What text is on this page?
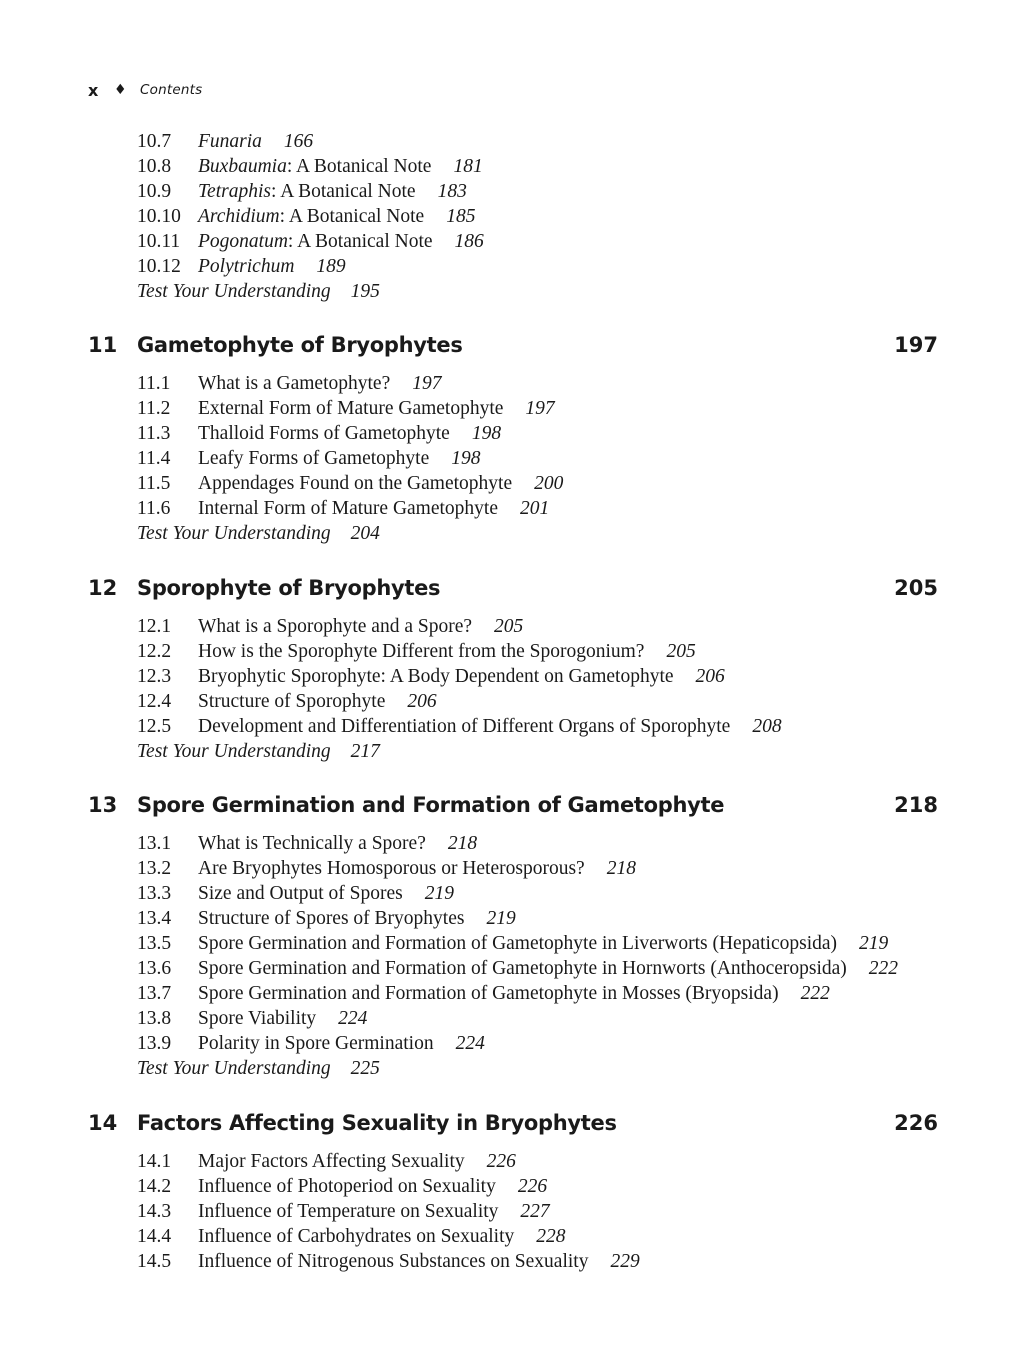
x	♦ Contents
10.7 Funaria 166
10.8 Buxbaumia: A Botanical Note 181
10.9 Tetraphis: A Botanical Note 183
10.10 Archidium: A Botanical Note 185
10.11 Pogonatum: A Botanical Note 186
10.12 Polytrichum 189
Test Your Understanding 195
11 Gametophyte of Bryophytes	197
11.1 What is a Gametophyte? 197
11.2 External Form of Mature Gametophyte 197
11.3 Thalloid Forms of Gametophyte 198
11.4 Leafy Forms of Gametophyte 198
11.5 Appendages Found on the Gametophyte 200
11.6 Internal Form of Mature Gametophyte 201
Test Your Understanding 204
12 Sporophyte of Bryophytes	205
12.1 What is a Sporophyte and a Spore? 205
12.2 How is the Sporophyte Different from the Sporogonium? 205
12.3 Bryophytic Sporophyte: A Body Dependent on Gametophyte 206
12.4 Structure of Sporophyte 206
12.5 Development and Differentiation of Different Organs of Sporophyte 208
Test Your Understanding 217
13 Spore Germination and Formation of Gametophyte	218
13.1 What is Technically a Spore? 218
13.2 Are Bryophytes Homosporous or Heterosporous? 218
13.3 Size and Output of Spores 219
13.4 Structure of Spores of Bryophytes 219
13.5 Spore Germination and Formation of Gametophyte in Liverworts (Hepaticopsida) 219
13.6 Spore Germination and Formation of Gametophyte in Hornworts (Anthoceropsida) 222
13.7 Spore Germination and Formation of Gametophyte in Mosses (Bryopsida) 222
13.8 Spore Viability 224
13.9 Polarity in Spore Germination 224
Test Your Understanding 225
14 Factors Affecting Sexuality in Bryophytes	226
14.1 Major Factors Affecting Sexuality 226
14.2 Influence of Photoperiod on Sexuality 226
14.3 Influence of Temperature on Sexuality 227
14.4 Influence of Carbohydrates on Sexuality 228
14.5 Influence of Nitrogenous Substances on Sexuality 229
